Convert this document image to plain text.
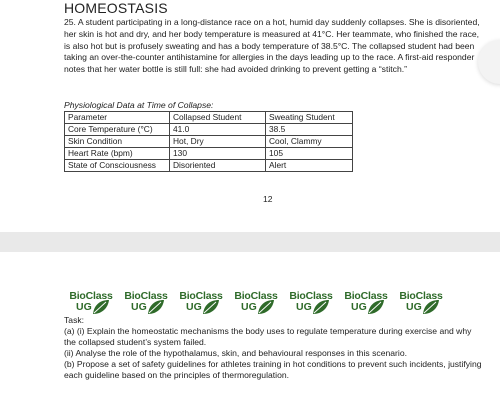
HOMEOSTASIS
25. A student participating in a long-distance race on a hot, humid day suddenly collapses. She is disoriented, her skin is hot and dry, and her body temperature is measured at 41°C. Her teammate, who finished the race, is also hot but is profusely sweating and has a body temperature of 38.5°C. The collapsed student had been taking an over-the-counter antihistamine for allergies in the days leading up to the race. A first-aid responder notes that her water bottle is still full: she had avoided drinking to prevent getting a “stitch.”
Physiological Data at Time of Collapse:
Parameter	Collapsed Student	Sweating Student
Core Temperature (°C)	41.0	38.5
Skin Condition	Hot, Dry	Cool, Clammy
Heart Rate (bpm)	130	105
State of Consciousness	Disoriented	Alert
12
BioClass
UG
BioClass
UG
BioClass
UG
BioClass
UG
BioClass
UG
BioClass
UG
BioClass
UG
Task:
(a) (i) Explain the homeostatic mechanisms the body uses to regulate temperature during exercise and why the collapsed student’s system failed.
(ii) Analyse the role of the hypothalamus, skin, and behavioural responses in this scenario.
(b) Propose a set of safety guidelines for athletes training in hot conditions to prevent such incidents, justifying each guideline based on the principles of thermoregulation.
